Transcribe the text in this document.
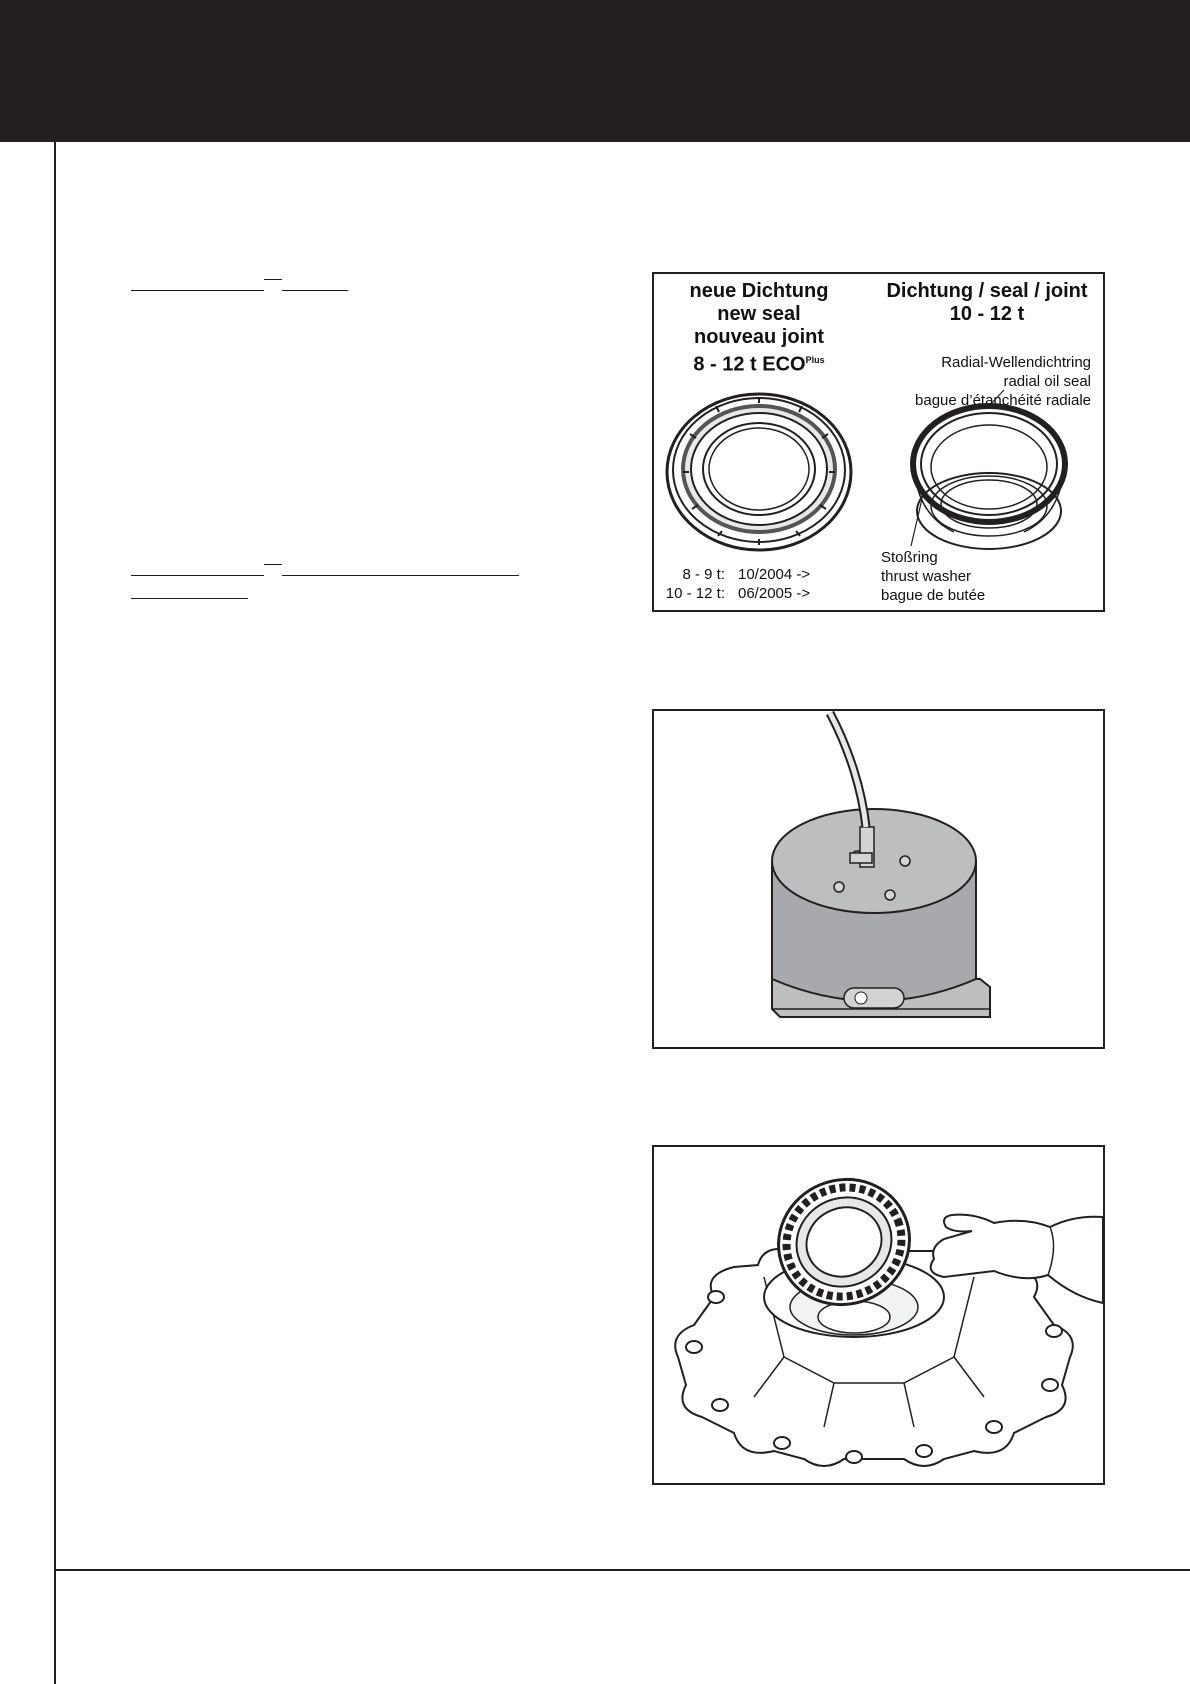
neue Dichtung
new seal
nouveau joint
8 - 12 t $ECO^{Plus}$
Dichtung / seal / joint
10 - 12 t
Radial-Wellendichtring
radial oil seal
bague d’étanchéité radiale
Stoßring
thrust washer
bague de butée
8 - 9 t: 10/2004 ->
10 - 12 t: 06/2005 ->
